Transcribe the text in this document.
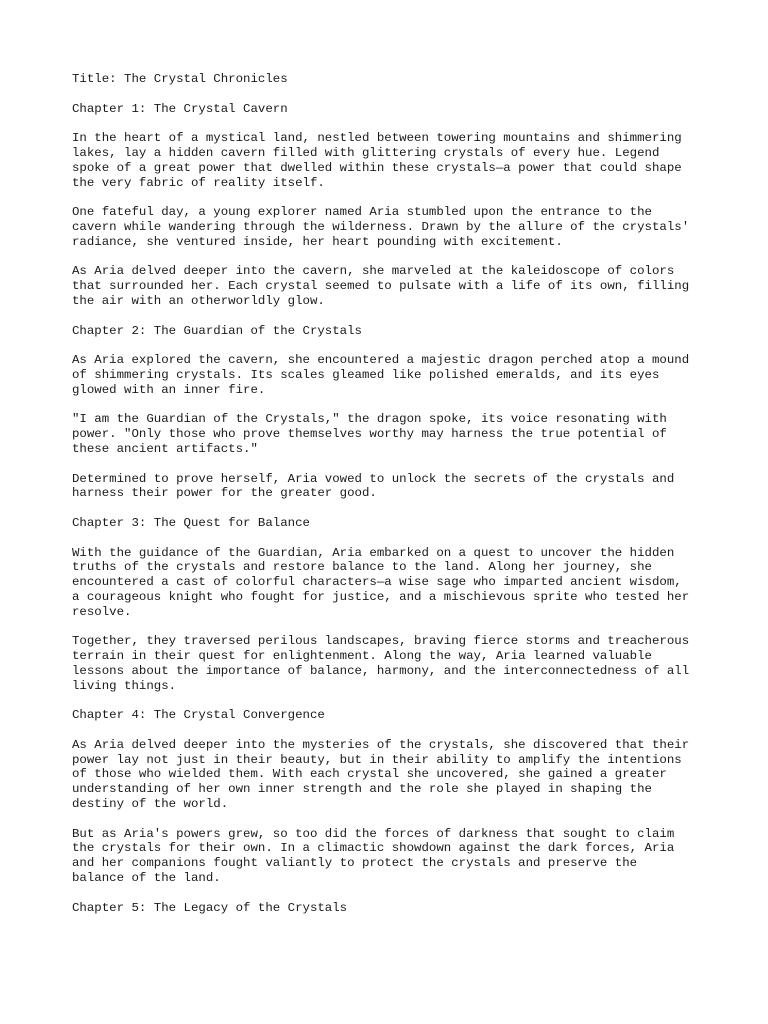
Title: The Crystal Chronicles
Chapter 1: The Crystal Cavern
In the heart of a mystical land, nestled between towering mountains and shimmering
lakes, lay a hidden cavern filled with glittering crystals of every hue. Legend
spoke of a great power that dwelled within these crystals—a power that could shape
the very fabric of reality itself.
One fateful day, a young explorer named Aria stumbled upon the entrance to the
cavern while wandering through the wilderness. Drawn by the allure of the crystals'
radiance, she ventured inside, her heart pounding with excitement.
As Aria delved deeper into the cavern, she marveled at the kaleidoscope of colors
that surrounded her. Each crystal seemed to pulsate with a life of its own, filling
the air with an otherworldly glow.
Chapter 2: The Guardian of the Crystals
As Aria explored the cavern, she encountered a majestic dragon perched atop a mound
of shimmering crystals. Its scales gleamed like polished emeralds, and its eyes
glowed with an inner fire.
"I am the Guardian of the Crystals," the dragon spoke, its voice resonating with
power. "Only those who prove themselves worthy may harness the true potential of
these ancient artifacts."
Determined to prove herself, Aria vowed to unlock the secrets of the crystals and
harness their power for the greater good.
Chapter 3: The Quest for Balance
With the guidance of the Guardian, Aria embarked on a quest to uncover the hidden
truths of the crystals and restore balance to the land. Along her journey, she
encountered a cast of colorful characters—a wise sage who imparted ancient wisdom,
a courageous knight who fought for justice, and a mischievous sprite who tested her
resolve.
Together, they traversed perilous landscapes, braving fierce storms and treacherous
terrain in their quest for enlightenment. Along the way, Aria learned valuable
lessons about the importance of balance, harmony, and the interconnectedness of all
living things.
Chapter 4: The Crystal Convergence
As Aria delved deeper into the mysteries of the crystals, she discovered that their
power lay not just in their beauty, but in their ability to amplify the intentions
of those who wielded them. With each crystal she uncovered, she gained a greater
understanding of her own inner strength and the role she played in shaping the
destiny of the world.
But as Aria's powers grew, so too did the forces of darkness that sought to claim
the crystals for their own. In a climactic showdown against the dark forces, Aria
and her companions fought valiantly to protect the crystals and preserve the
balance of the land.
Chapter 5: The Legacy of the Crystals
